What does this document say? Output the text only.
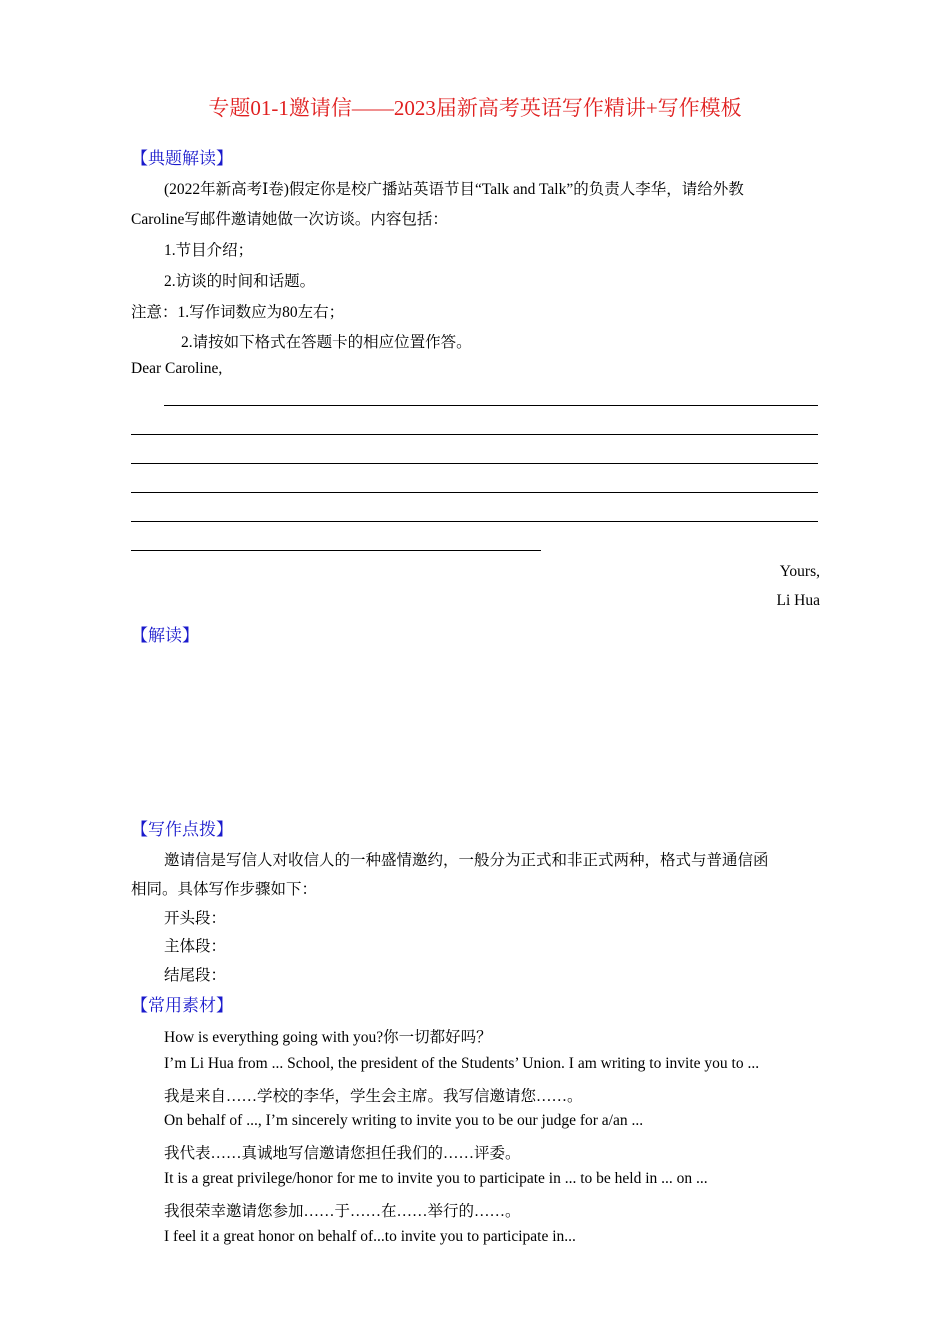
专题01-1邀请信——2023届新高考英语写作精讲+写作模板
【典题解读】
(2022年新高考Ⅰ卷)假定你是校广播站英语节目“Talk and Talk”的负责人李华，请给外教
Caroline写邮件邀请她做一次访谈。内容包括：
1.节目介绍；
2.访谈的时间和话题。
注意：1.写作词数应为80左右；
2.请按如下格式在答题卡的相应位置作答。
Dear Caroline,
Yours,
Li Hua
【解读】
【写作点拨】
邀请信是写信人对收信人的一种盛情邀约，一般分为正式和非正式两种，格式与普通信函
相同。具体写作步骤如下：
开头段：
主体段：
结尾段：
【常用素材】
How is everything going with you?你一切都好吗？
I’m Li Hua from ... School, the president of the Students’ Union. I am writing to invite you to ...
我是来自……学校的李华，学生会主席。我写信邀请您……。
On behalf of ..., I’m sincerely writing to invite you to be our judge for a/an ...
我代表……真诚地写信邀请您担任我们的……评委。
It is a great privilege/honor for me to invite you to participate in ... to be held in ... on ...
我很荣幸邀请您参加……于……在……举行的……。
I feel it a great honor on behalf of...to invite you to participate in...
